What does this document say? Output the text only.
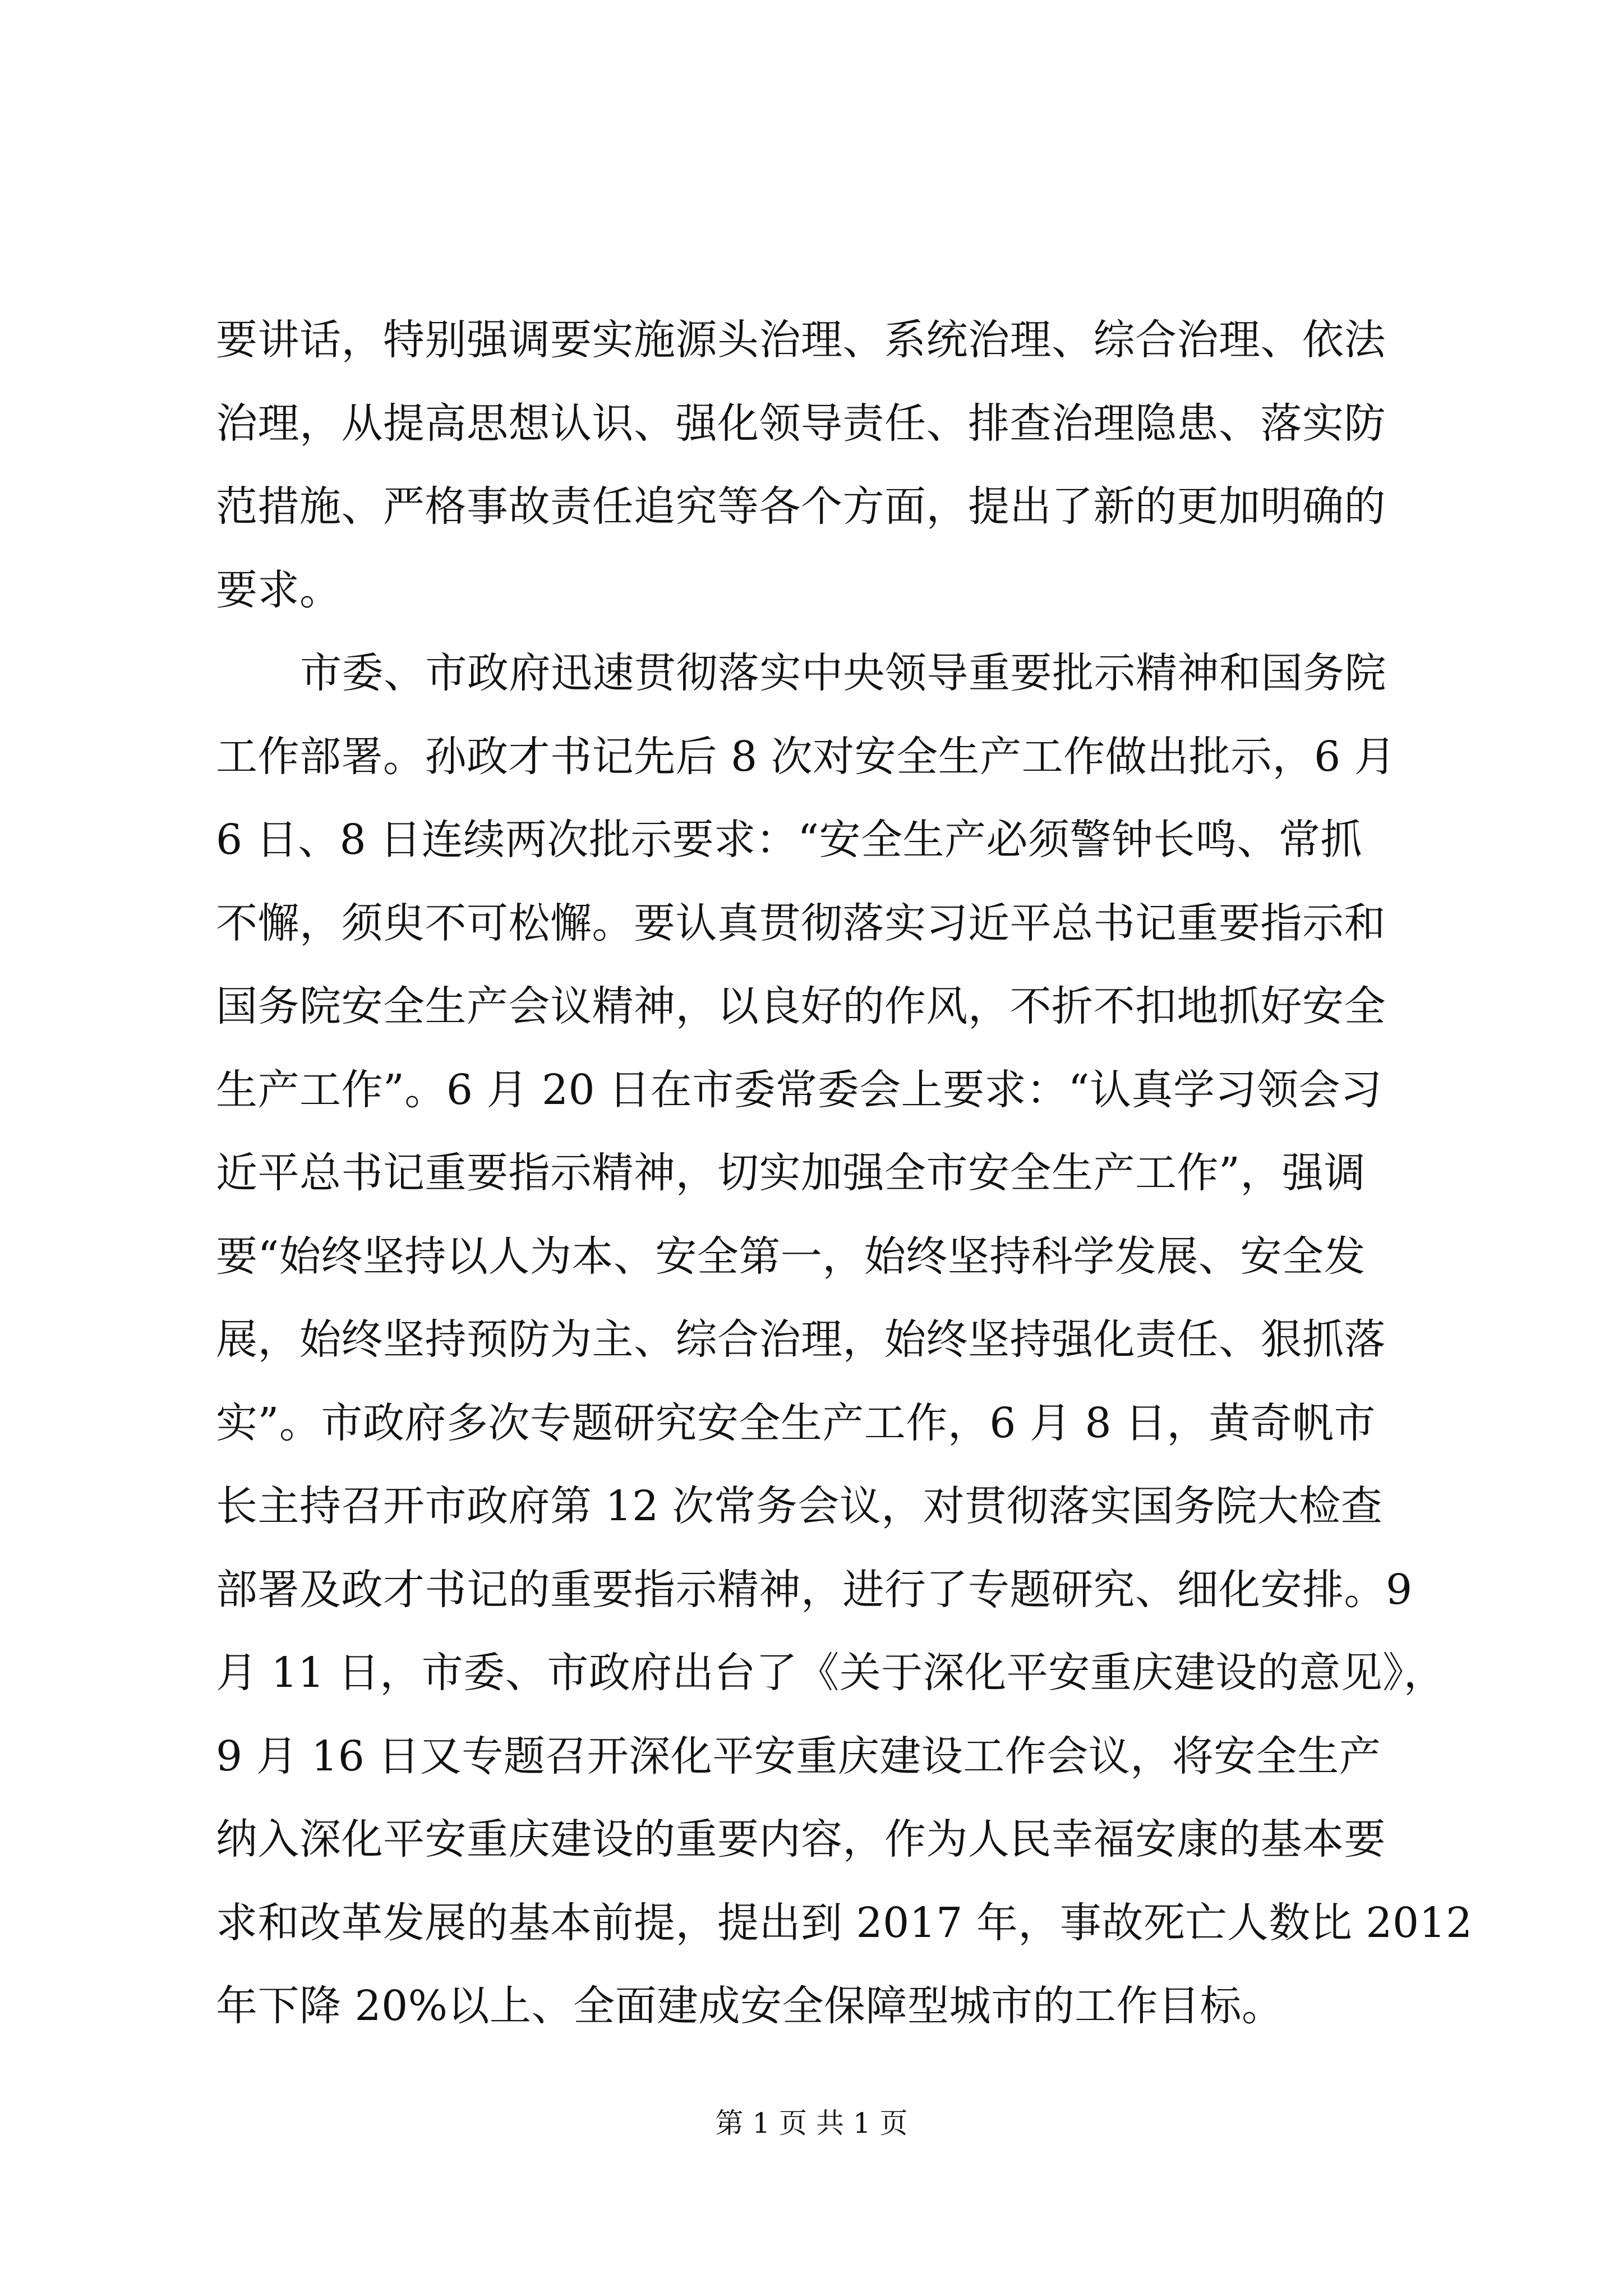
要讲话，特别强调要实施源头治理、系统治理、综合治理、依法
治理，从提高思想认识、强化领导责任、排查治理隐患、落实防
范措施、严格事故责任追究等各个方面，提出了新的更加明确的
要求。
市委、市政府迅速贯彻落实中央领导重要批示精神和国务院
工作部署。孙政才书记先后 8 次对安全生产工作做出批示，6 月
6 日、8 日连续两次批示要求：“安全生产必须警钟长鸣、常抓
不懈，须臾不可松懈。要认真贯彻落实习近平总书记重要指示和
国务院安全生产会议精神，以良好的作风，不折不扣地抓好安全
生产工作”。6 月 20 日在市委常委会上要求：“认真学习领会习
近平总书记重要指示精神，切实加强全市安全生产工作”，强调
要“始终坚持以人为本、安全第一，始终坚持科学发展、安全发
展，始终坚持预防为主、综合治理，始终坚持强化责任、狠抓落
实”。市政府多次专题研究安全生产工作，6 月 8 日，黄奇帆市
长主持召开市政府第 12 次常务会议，对贯彻落实国务院大检查
部署及政才书记的重要指示精神，进行了专题研究、细化安排。9
月 11 日，市委、市政府出台了《关于深化平安重庆建设的意见》，
9 月 16 日又专题召开深化平安重庆建设工作会议，将安全生产
纳入深化平安重庆建设的重要内容，作为人民幸福安康的基本要
求和改革发展的基本前提，提出到 2017 年，事故死亡人数比 2012
年下降 20%以上、全面建成安全保障型城市的工作目标。
第 1 页 共 1 页
